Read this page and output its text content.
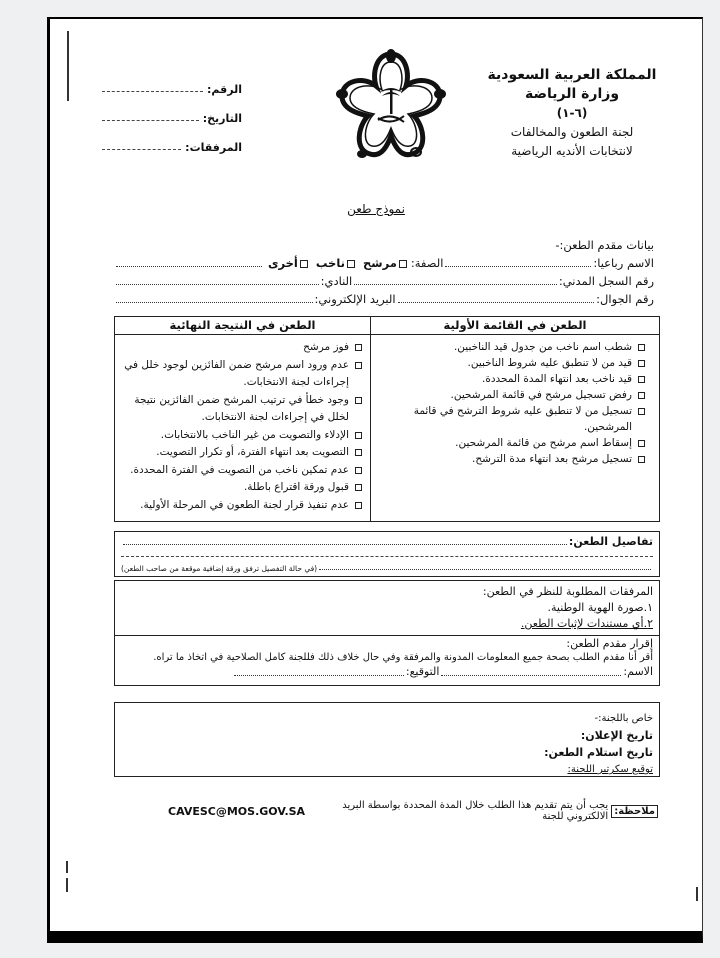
المملكة العربية السعودية
وزارة الرياضة
(٦-١)
لجنة الطعون والمخالفات
لانتخابات الأنديه الرياضية
الرقم:
التاريخ:
المرفقات:
نموذج طعن
بيانات مقدم الطعن:-
الاسم رباعيا:
الصفة:
مرشح
ناخب
أخرى
رقم السجل المدني:
النادي:
رقم الجوال:
البريد الإلكتروني:
الطعن في القائمة الأولية
شطب اسم ناخب من جدول قيد الناخبين.
قيد من لا تنطبق عليه شروط الناخبين.
قيد ناخب بعد انتهاء المدة المحددة.
رفض تسجيل مرشح في قائمة المرشحين.
تسجيل من لا تنطبق عليه شروط الترشح في قائمة المرشحين.
إسقاط اسم مرشح من قائمة المرشحين.
تسجيل مرشح بعد انتهاء مدة الترشح.
الطعن في النتيجة النهائية
فوز مرشح
عدم ورود اسم مرشح ضمن الفائزين لوجود خلل في إجراءات لجنة الانتخابات.
وجود خطأ في ترتيب المرشح ضمن الفائزين نتيجة لخلل في إجراءات لجنة الانتخابات.
الإدلاء والتصويت من غير الناخب بالانتخابات.
التصويت بعد انتهاء الفترة، أو تكرار التصويت.
عدم تمكين ناخب من التصويت في الفترة المحددة.
قبول ورقة اقتراع باطلة.
عدم تنفيذ قرار لجنة الطعون في المرحلة الأولية.
تفاصيل الطعن:
(في حالة التفصيل ترفق ورقة إضافية موقعة من صاحب الطعن)
المرفقات المطلوبة للنظر في الطعن:
١.صورة الهوية الوطنية.
٢.أي مستندات لإثبات الطعن.
إقرار مقدم الطعن:
أقر أنا مقدم الطلب بصحة جميع المعلومات المدونة والمرفقة وفي حال خلاف ذلك فللجنة كامل الصلاحية في اتخاذ ما تراه.
الاسم:
التوقيع:
خاص باللجنة:-
تاريخ الإعلان:
تاريخ استلام الطعن:
توقيع سكرتير اللجنة:
ملاحظة:
يجب أن يتم تقديم هذا الطلب خلال المدة المحددة بواسطة البريد الالكتروني للجنة
CAVESC@MOS.GOV.SA
